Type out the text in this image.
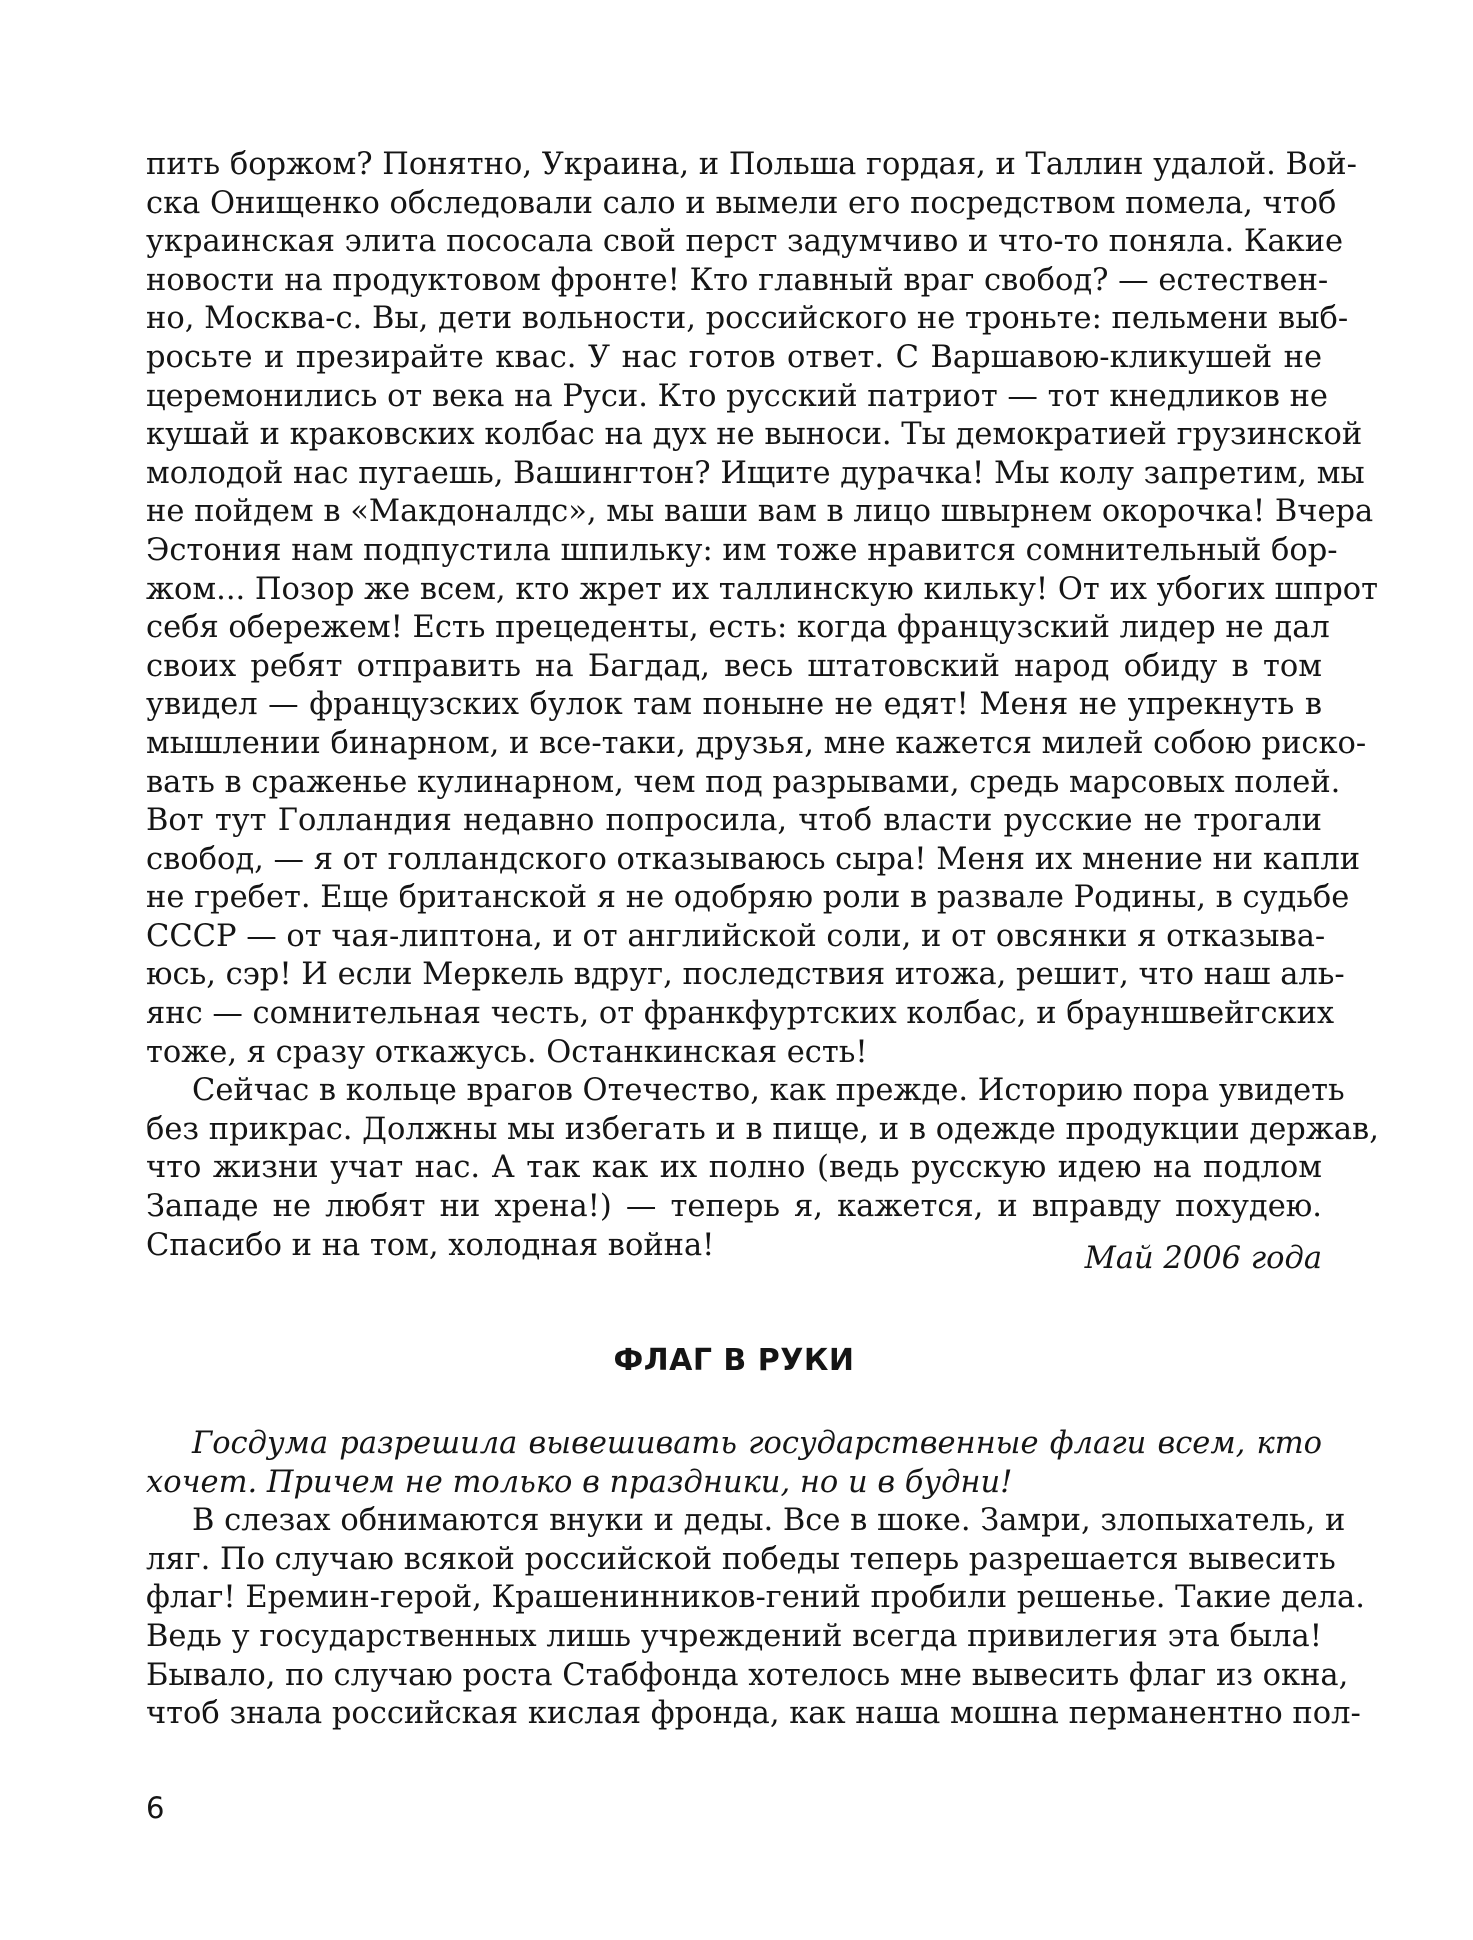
пить боржом? Понятно, Украина, и Польша гордая, и Таллин удалой. Вой-
ска Онищенко обследовали сало и вымели его посредством помела, чтоб
украинская элита пососала свой перст задумчиво и что-то поняла. Какие
новости на продуктовом фронте! Кто главный враг свобод? — естествен-
но, Москва-с. Вы, дети вольности, российского не троньте: пельмени выб-
росьте и презирайте квас. У нас готов ответ. С Варшавою-кликушей не
церемонились от века на Руси. Кто русский патриот — тот кнедликов не
кушай и краковских колбас на дух не выноси. Ты демократией грузинской
молодой нас пугаешь, Вашингтон? Ищите дурачка! Мы колу запретим, мы
не пойдем в «Макдоналдс», мы ваши вам в лицо швырнем окорочка! Вчера
Эстония нам подпустила шпильку: им тоже нравится сомнительный бор-
жом... Позор же всем, кто жрет их таллинскую кильку! От их убогих шпрот
себя обережем! Есть прецеденты, есть: когда французский лидер не дал
своих ребят отправить на Багдад, весь штатовский народ обиду в том
увидел — французских булок там поныне не едят! Меня не упрекнуть в
мышлении бинарном, и все-таки, друзья, мне кажется милей собою риско-
вать в сраженье кулинарном, чем под разрывами, средь марсовых полей.
Вот тут Голландия недавно попросила, чтоб власти русские не трогали
свобод, — я от голландского отказываюсь сыра! Меня их мнение ни капли
не гребет. Еще британской я не одобряю роли в развале Родины, в судьбе
СССР — от чая-липтона, и от английской соли, и от овсянки я отказыва-
юсь, сэр! И если Меркель вдруг, последствия итожа, решит, что наш аль-
янс — сомнительная честь, от франкфуртских колбас, и брауншвейгских
тоже, я сразу откажусь. Останкинская есть!
Сейчас в кольце врагов Отечество, как прежде. Историю пора увидеть
без прикрас. Должны мы избегать и в пище, и в одежде продукции держав,
что жизни учат нас. А так как их полно (ведь русскую идею на подлом
Западе не любят ни хрена!) — теперь я, кажется, и вправду похудею.
Спасибо и на том, холодная война!	Май 2006 года
ФЛАГ В РУКИ
Госдума разрешила вывешивать государственные флаги всем, кто
хочет. Причем не только в праздники, но и в будни!
В слезах обнимаются внуки и деды. Все в шоке. Замри, злопыхатель, и
ляг. По случаю всякой российской победы теперь разрешается вывесить
флаг! Еремин-герой, Крашенинников-гений пробили решенье. Такие дела.
Ведь у государственных лишь учреждений всегда привилегия эта была!
Бывало, по случаю роста Стабфонда хотелось мне вывесить флаг из окна,
чтоб знала российская кислая фронда, как наша мошна перманентно пол-
6
